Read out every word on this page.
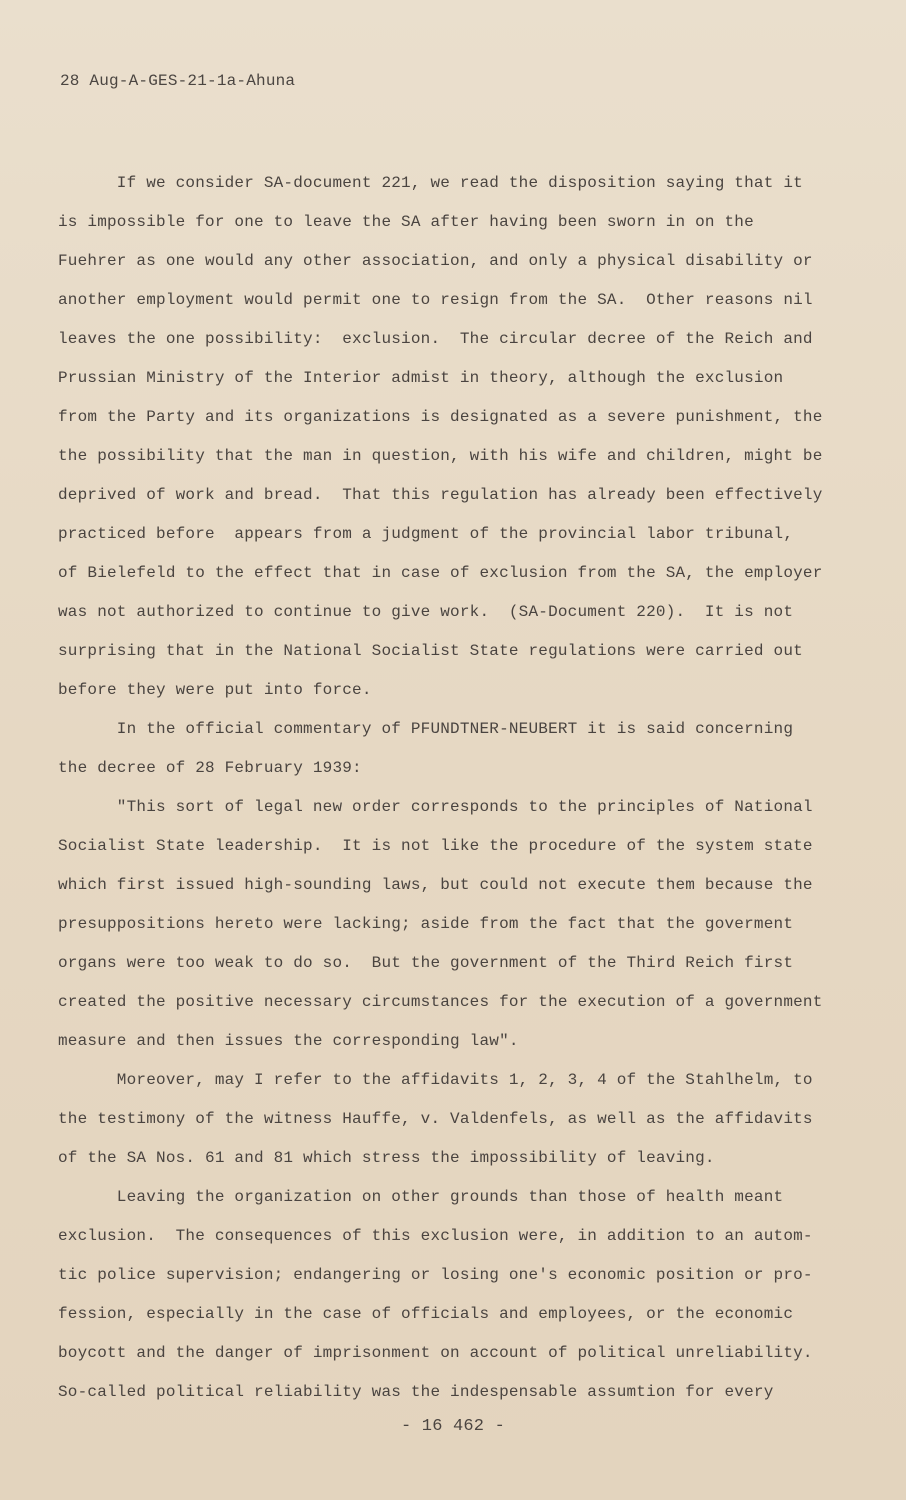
28 Aug-A-GES-21-1a-Ahuna
If we consider SA-document 221, we read the disposition saying that it
is impossible for one to leave the SA after having been sworn in on the
Fuehrer as one would any other association, and only a physical disability or
another employment would permit one to resign from the SA.  Other reasons nil
leaves the one possibility:  exclusion.  The circular decree of the Reich and
Prussian Ministry of the Interior admist in theory, although the exclusion
from the Party and its organizations is designated as a severe punishment, the
the possibility that the man in question, with his wife and children, might be
deprived of work and bread.  That this regulation has already been effectively
practiced before  appears from a judgment of the provincial labor tribunal,
of Bielefeld to the effect that in case of exclusion from the SA, the employer
was not authorized to continue to give work.  (SA-Document 220).  It is not
surprising that in the National Socialist State regulations were carried out
before they were put into force.
In the official commentary of PFUNDTNER-NEUBERT it is said concerning
the decree of 28 February 1939:
"This sort of legal new order corresponds to the principles of National
Socialist State leadership.  It is not like the procedure of the system state
which first issued high-sounding laws, but could not execute them because the
presuppositions hereto were lacking; aside from the fact that the goverment
organs were too weak to do so.  But the government of the Third Reich first
created the positive necessary circumstances for the execution of a government
measure and then issues the corresponding law".
Moreover, may I refer to the affidavits 1, 2, 3, 4 of the Stahlhelm, to
the testimony of the witness Hauffe, v. Valdenfels, as well as the affidavits
of the SA Nos. 61 and 81 which stress the impossibility of leaving.
Leaving the organization on other grounds than those of health meant
exclusion.  The consequences of this exclusion were, in addition to an autom-
tic police supervision; endangering or losing one's economic position or pro-
fession, especially in the case of officials and employees, or the economic
boycott and the danger of imprisonment on account of political unreliability.
So-called political reliability was the indespensable assumtion for every
- 16 462 -
